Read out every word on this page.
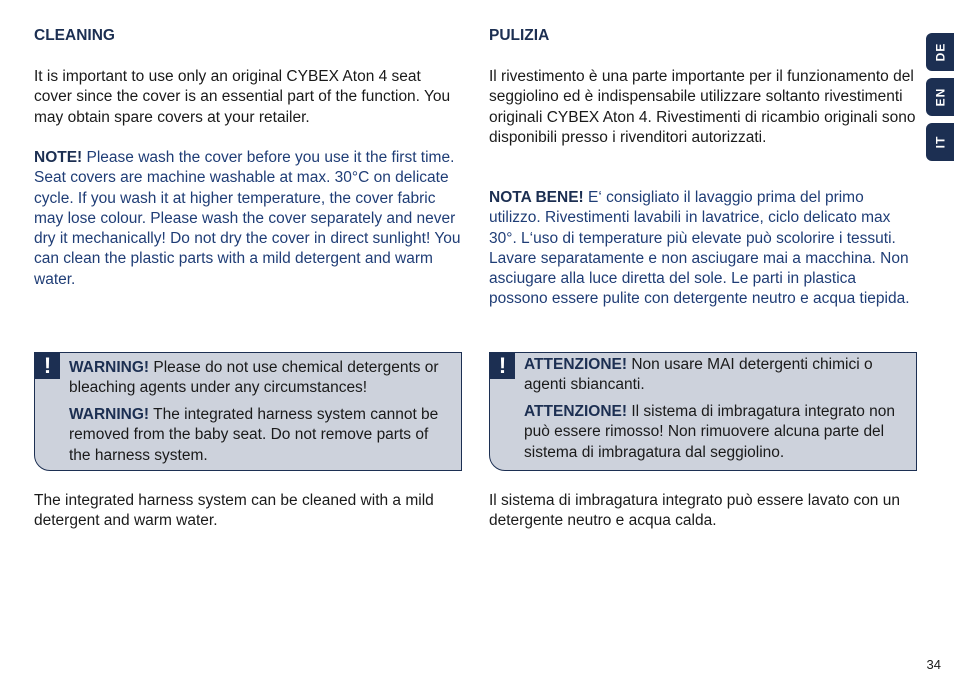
CLEANING

It is important to use only an original CYBEX Aton 4 seat cover since the cover is an essential part of the function. You may obtain spare covers at your retailer.

NOTE! Please wash the cover before you use it the first time. Seat covers are machine washable at max. 30°C on delicate cycle. If you wash it at higher temperature, the cover fabric may lose colour. Please wash the cover separately and never dry it mechanically! Do not dry the cover in direct sunlight! You can clean the plastic parts with a mild detergent and warm water.

!	WARNING! Please do not use chemical detergents or bleaching agents under any circumstances!
WARNING! The integrated harness system cannot be removed from the baby seat. Do not remove parts of the harness system.

The integrated harness system can be cleaned with a mild detergent and warm water.

PULIZIA

Il rivestimento è una parte importante per il funzionamento del seggiolino ed è indispensabile utilizzare soltanto rivestimenti originali CYBEX Aton 4. Rivestimenti di ricambio originali sono disponibili presso i rivenditori autorizzati.

NOTA BENE! E‘ consigliato il lavaggio prima del primo utilizzo. Rivestimenti lavabili in lavatrice, ciclo delicato max 30°. L‘uso di temperature più elevate può scolorire i tessuti. Lavare separatamente e non asciugare mai a macchina. Non asciugare alla luce diretta del sole. Le parti in plastica possono essere pulite con detergente neutro e acqua tiepida.

!	ATTENZIONE! Non usare MAI detergenti chimici o agenti sbiancanti.
ATTENZIONE! Il sistema di imbragatura integrato non può essere rimosso! Non rimuovere alcuna parte del sistema di imbragatura dal seggiolino.

Il sistema di imbragatura integrato può essere lavato con un detergente neutro e acqua calda.

DE
EN
IT
34
